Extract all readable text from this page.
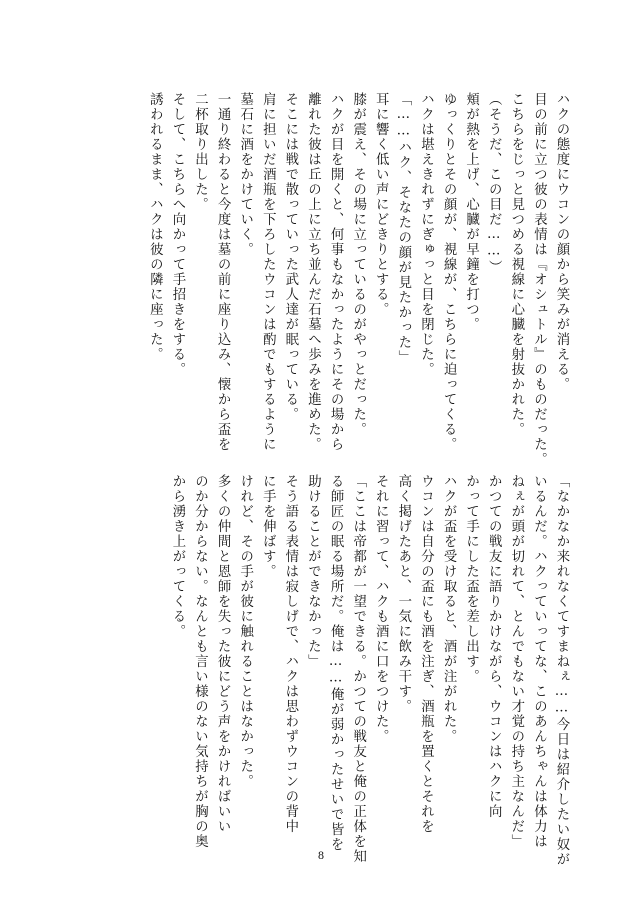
ハクの態度にウコンの顔から笑みが消える。
目の前に立つ彼の表情は『オシュトル』のものだった。
こちらをじっと見つめる視線に心臓を射抜かれた。
（そうだ、この目だ……）
頬が熱を上げ、心臓が早鐘を打つ。
ゆっくりとその顔が、視線が、こちらに迫ってくる。
ハクは堪えきれずにぎゅっと目を閉じた。
「……ハク、そなたの顔が見たかった」
耳に響く低い声にどきりとする。
膝が震え、その場に立っているのがやっとだった。
ハクが目を開くと、何事もなかったようにその場から
離れた彼は丘の上に立ち並んだ石墓へ歩みを進めた。
そこには戦で散っていった武人達が眠っている。
肩に担いだ酒瓶を下ろしたウコンは酌でもするように
墓石に酒をかけていく。
一通り終わると今度は墓の前に座り込み、懐から盃を
二杯取り出した。
そして、こちらへ向かって手招きをする。
誘われるまま、ハクは彼の隣に座った。
「なかなか来れなくてすまねぇ……今日は紹介したい奴が
いるんだ。ハクっていってな、このあんちゃんは体力は
ねぇが頭が切れて、とんでもない才覚の持ち主なんだ」
かつての戦友に語りかけながら、ウコンはハクに向
かって手にした盃を差し出す。
ハクが盃を受け取ると、酒が注がれた。
ウコンは自分の盃にも酒を注ぎ、酒瓶を置くとそれを
高く掲げたあと、一気に飲み干す。
それに習って、ハクも酒に口をつけた。
「ここは帝都が一望できる。かつての戦友と俺の正体を知
る師匠の眠る場所だ。俺は……俺が弱かったせいで皆を
助けることができなかった」
そう語る表情は寂しげで、ハクは思わずウコンの背中
に手を伸ばす。
けれど、その手が彼に触れることはなかった。
多くの仲間と恩師を失った彼にどう声をかければいい
のか分からない。なんとも言い様のない気持ちが胸の奥
から湧き上がってくる。
8
